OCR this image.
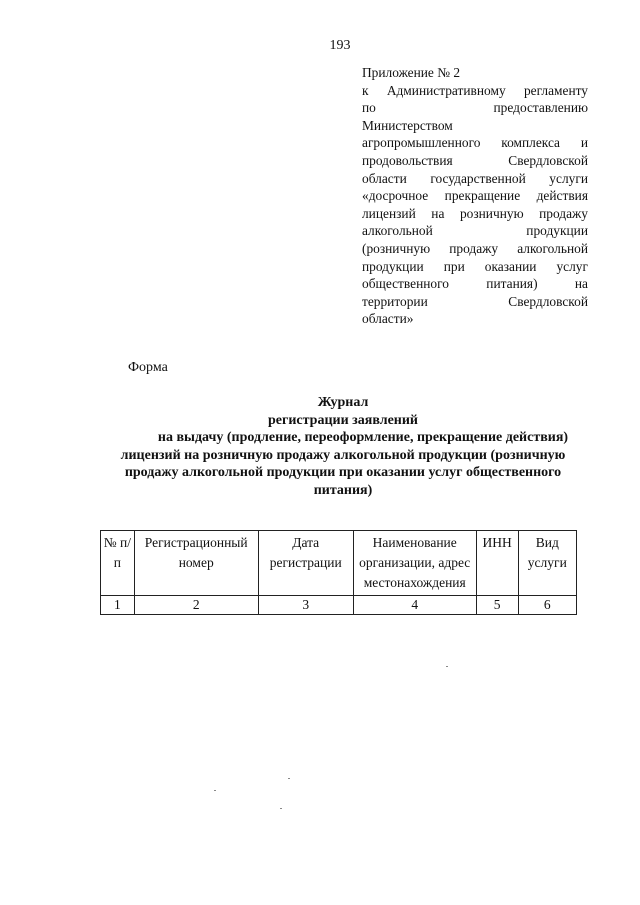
193
Приложение № 2
к Административному регламенту
по предоставлению
Министерством
агропромышленного комплекса и
продовольствия Свердловской
области государственной услуги
«досрочное прекращение действия
лицензий на розничную продажу
алкогольной продукции
(розничную продажу алкогольной
продукции при оказании услуг
общественного питания) на
территории Свердловской
области»
Форма
Журнал
регистрации заявлений
на выдачу (продление, переоформление, прекращение действия)
лицензий на розничную продажу алкогольной продукции (розничную
продажу алкогольной продукции при оказании услуг общественного
питания)
№ п/п	Регистрационный номер	Дата регистрации	Наименование организации, адрес местонахождения	ИНН	Вид услуги
1	2	3	4	5	6
